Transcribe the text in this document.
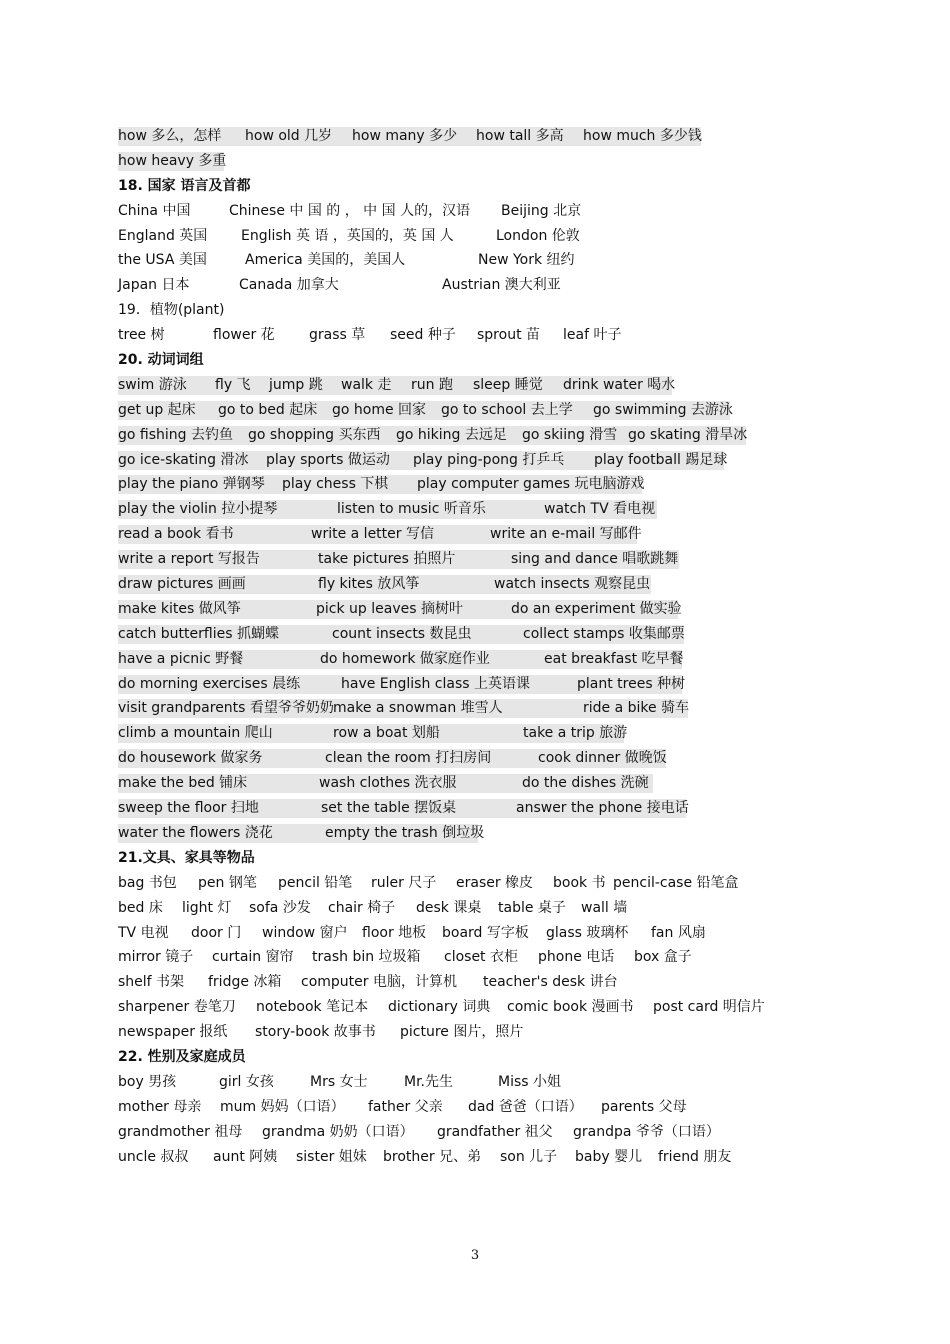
how 多么，怎样 how old 几岁 how many 多少 how tall 多高 how much 多少钱
how heavy 多重
18. 国家 语言及首都
China 中国	Chinese 中 国 的 ， 中 国 人的，汉语 Beijing 北京
England 英国 English 英 语 ，英国的，英 国 人	London 伦敦
the USA 美国	America 美国的，美国人	New York 纽约
Japan 日本	Canada 加拿大	Austrian 澳大利亚
19．植物(plant)
tree 树	flower 花 grass 草 seed 种子 sprout 苗 leaf 叶子
20. 动词词组
swim 游泳 fly 飞 jump 跳 walk 走 run 跑 sleep 睡觉 drink water 喝水
get up 起床 go to bed 起床 go home 回家 go to school 去上学 go swimming 去游泳
go fishing 去钓鱼 go shopping 买东西 go hiking 去远足 go skiing 滑雪 go skating 滑旱冰
go ice-skating 滑冰 play sports 做运动 play ping-pong 打乒乓 play football 踢足球
play the piano 弹钢琴 play chess 下棋 play computer games 玩电脑游戏
play the violin 拉小提琴	listen to music 听音乐	watch TV 看电视
read a book 看书	write a letter 写信	write an e-mail 写邮件
write a report 写报告	take pictures 拍照片	sing and dance 唱歌跳舞
draw pictures 画画	fly kites 放风筝	watch insects 观察昆虫
make kites 做风筝	pick up leaves 摘树叶	do an experiment 做实验
catch butterflies 抓蝴蝶	count insects 数昆虫	collect stamps 收集邮票
have a picnic 野餐	do homework 做家庭作业	eat breakfast 吃早餐
do morning exercises 晨练	have English class 上英语课	plant trees 种树
visit grandparents 看望爷爷奶奶 make a snowman 堆雪人	ride a bike 骑车
climb a mountain 爬山	row a boat 划船	take a trip 旅游
do housework 做家务	clean the room 打扫房间	cook dinner 做晚饭
make the bed 铺床	wash clothes 洗衣服	do the dishes 洗碗
sweep the floor 扫地	set the table 摆饭桌	answer the phone 接电话
water the flowers 浇花	empty the trash 倒垃圾
21.文具、家具等物品
bag 书包 pen 钢笔 pencil 铅笔 ruler 尺子 eraser 橡皮 book 书 pencil-case 铅笔盒
bed 床 light 灯 sofa 沙发 chair 椅子 desk 课桌 table 桌子 wall 墙
TV 电视 door 门 window 窗户 floor 地板 board 写字板 glass 玻璃杯 fan 风扇
mirror 镜子 curtain 窗帘 trash bin 垃圾箱 closet 衣柜 phone 电话 box 盒子
shelf 书架 fridge 冰箱 computer 电脑，计算机 teacher's desk 讲台
sharpener 卷笔刀 notebook 笔记本 dictionary 词典 comic book 漫画书 post card 明信片
newspaper 报纸 story-book 故事书 picture 图片，照片
22. 性别及家庭成员
boy 男孩	girl 女孩	Mrs 女士	Mr.先生	Miss 小姐
mother 母亲 mum 妈妈（口语） father 父亲 dad 爸爸（口语） parents 父母
grandmother 祖母 grandma 奶奶（口语） grandfather 祖父 grandpa 爷爷（口语）
uncle 叔叔 aunt 阿姨 sister 姐妹 brother 兄、弟 son 儿子 baby 婴儿 friend 朋友
3
